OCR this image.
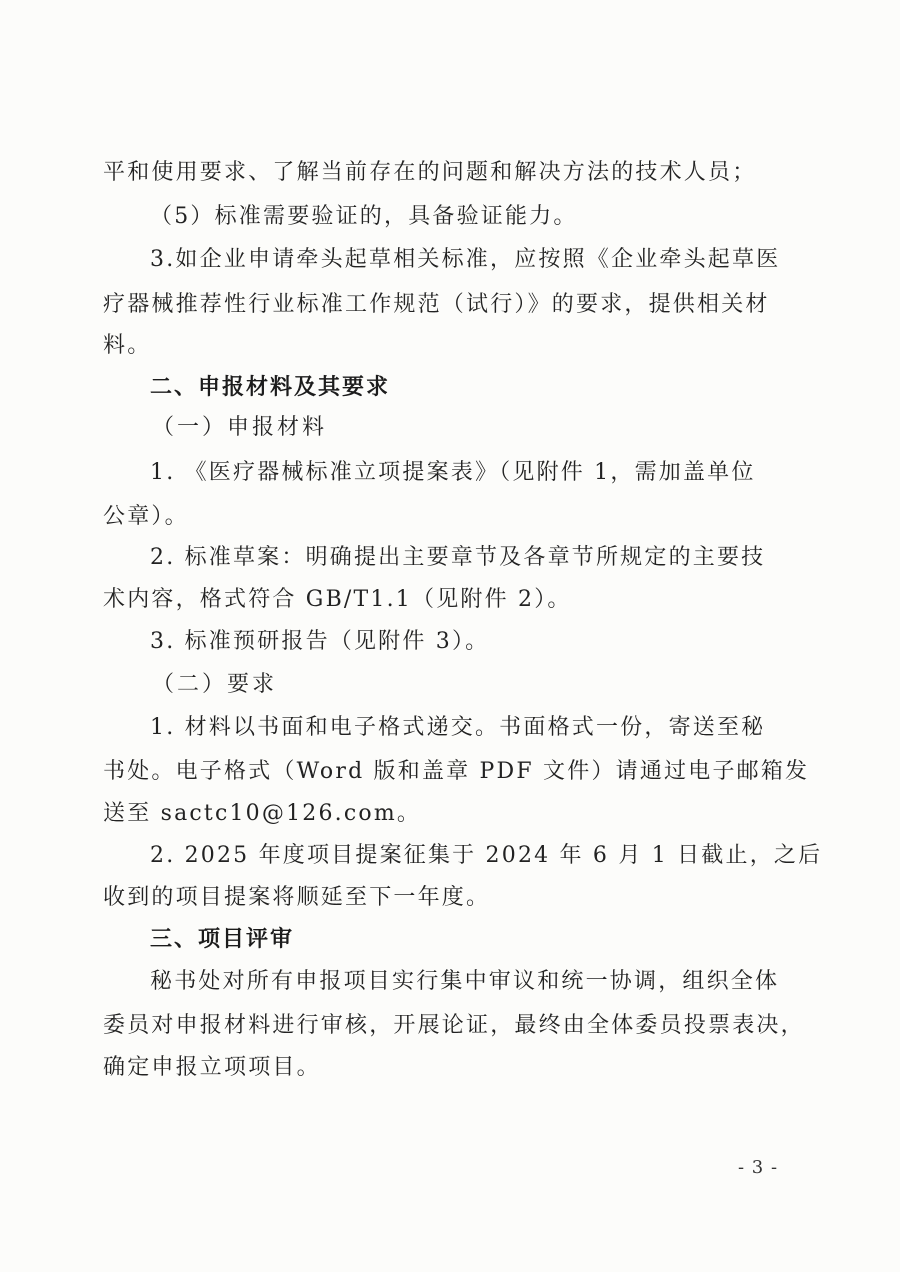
平和使用要求、了解当前存在的问题和解决方法的技术人员；
（5）标准需要验证的，具备验证能力。
3.如企业申请牵头起草相关标准，应按照《企业牵头起草医
疗器械推荐性行业标准工作规范（试行）》的要求，提供相关材
料。
二、申报材料及其要求
（一）申报材料
1. 《医疗器械标准立项提案表》（见附件 1，需加盖单位
公章）。
2. 标准草案：明确提出主要章节及各章节所规定的主要技
术内容，格式符合 GB/T1.1（见附件 2）。
3. 标准预研报告（见附件 3）。
（二）要求
1. 材料以书面和电子格式递交。书面格式一份，寄送至秘
书处。电子格式（Word 版和盖章 PDF 文件）请通过电子邮箱发
送至 sactc10@126.com。
2. 2025 年度项目提案征集于 2024 年 6 月 1 日截止，之后
收到的项目提案将顺延至下一年度。
三、项目评审
秘书处对所有申报项目实行集中审议和统一协调，组织全体
委员对申报材料进行审核，开展论证，最终由全体委员投票表决，
确定申报立项项目。
- 3 -
